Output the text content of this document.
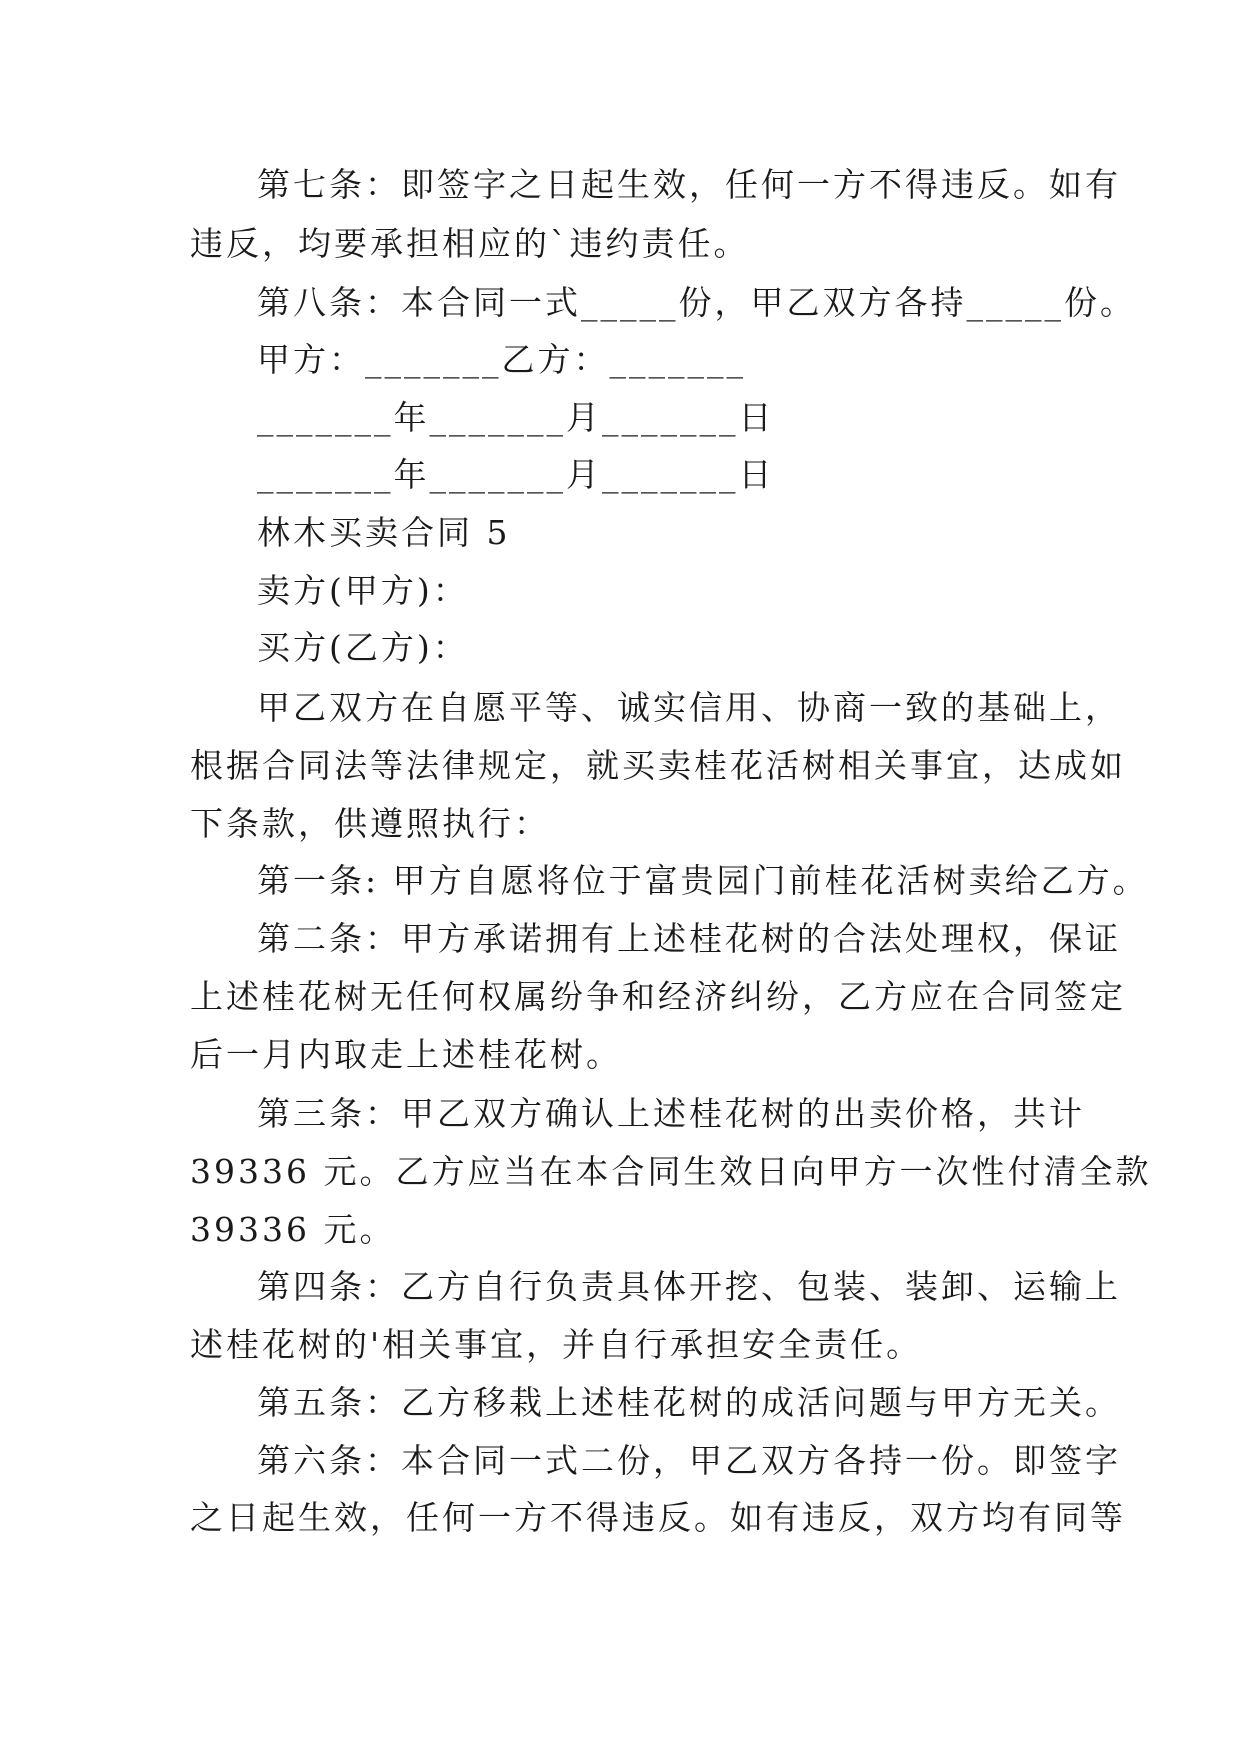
第七条：即签字之日起生效，任何一方不得违反。如有
违反，均要承担相应的`违约责任。
第八条：本合同一式_____份，甲乙双方各持_____份。
甲方：_______乙方：_______
_______年_______月_______日
_______年_______月_______日
林木买卖合同 5
卖方(甲方)：
买方(乙方)：
甲乙双方在自愿平等、诚实信用、协商一致的基础上，
根据合同法等法律规定，就买卖桂花活树相关事宜，达成如
下条款，供遵照执行：
第一条: 甲方自愿将位于富贵园门前桂花活树卖给乙方。
第二条：甲方承诺拥有上述桂花树的合法处理权，保证
上述桂花树无任何权属纷争和经济纠纷，乙方应在合同签定
后一月内取走上述桂花树。
第三条：甲乙双方确认上述桂花树的出卖价格，共计
39336 元。乙方应当在本合同生效日向甲方一次性付清全款
39336 元。
第四条：乙方自行负责具体开挖、包装、装卸、运输上
述桂花树的'相关事宜，并自行承担安全责任。
第五条：乙方移栽上述桂花树的成活问题与甲方无关。
第六条：本合同一式二份，甲乙双方各持一份。即签字
之日起生效，任何一方不得违反。如有违反，双方均有同等
